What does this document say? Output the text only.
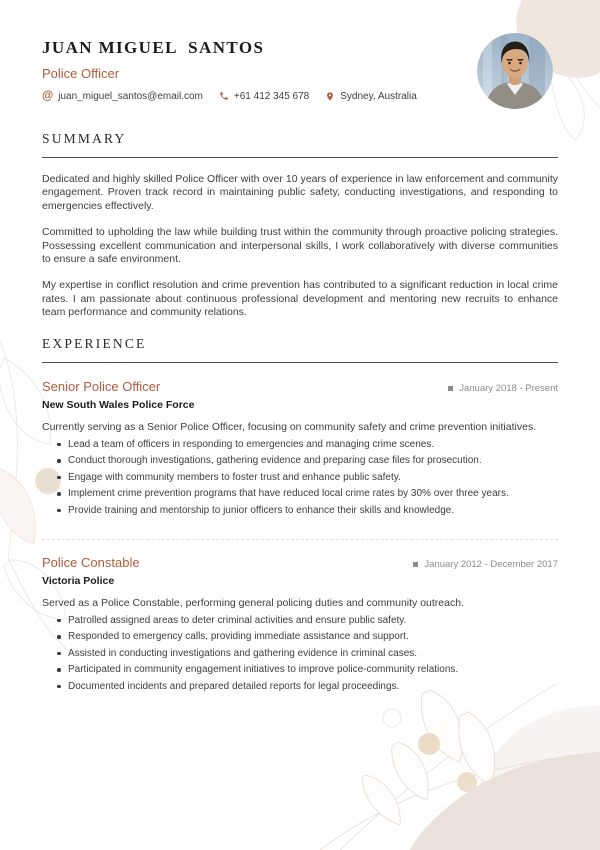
JUAN MIGUEL  SANTOS
Police Officer
@ juan_miguel_santos@email.com	+61 412 345 678	Sydney, Australia
SUMMARY

Dedicated and highly skilled Police Officer with over 10 years of experience in law enforcement and community engagement. Proven track record in maintaining public safety, conducting investigations, and responding to emergencies effectively.

Committed to upholding the law while building trust within the community through proactive policing strategies. Possessing excellent communication and interpersonal skills, I work collaboratively with diverse communities to ensure a safe environment.

My expertise in conflict resolution and crime prevention has contributed to a significant reduction in local crime rates. I am passionate about continuous professional development and mentoring new recruits to enhance team performance and community relations.

EXPERIENCE
Senior Police Officer	January 2018 - Present
New South Wales Police Force
Currently serving as a Senior Police Officer, focusing on community safety and crime prevention initiatives.
Lead a team of officers in responding to emergencies and managing crime scenes.
Conduct thorough investigations, gathering evidence and preparing case files for prosecution.
Engage with community members to foster trust and enhance public safety.
Implement crime prevention programs that have reduced local crime rates by 30% over three years.
Provide training and mentorship to junior officers to enhance their skills and knowledge.
Police Constable	January 2012 - December 2017
Victoria Police
Served as a Police Constable, performing general policing duties and community outreach.
Patrolled assigned areas to deter criminal activities and ensure public safety.
Responded to emergency calls, providing immediate assistance and support.
Assisted in conducting investigations and gathering evidence in criminal cases.
Participated in community engagement initiatives to improve police-community relations.
Documented incidents and prepared detailed reports for legal proceedings.
